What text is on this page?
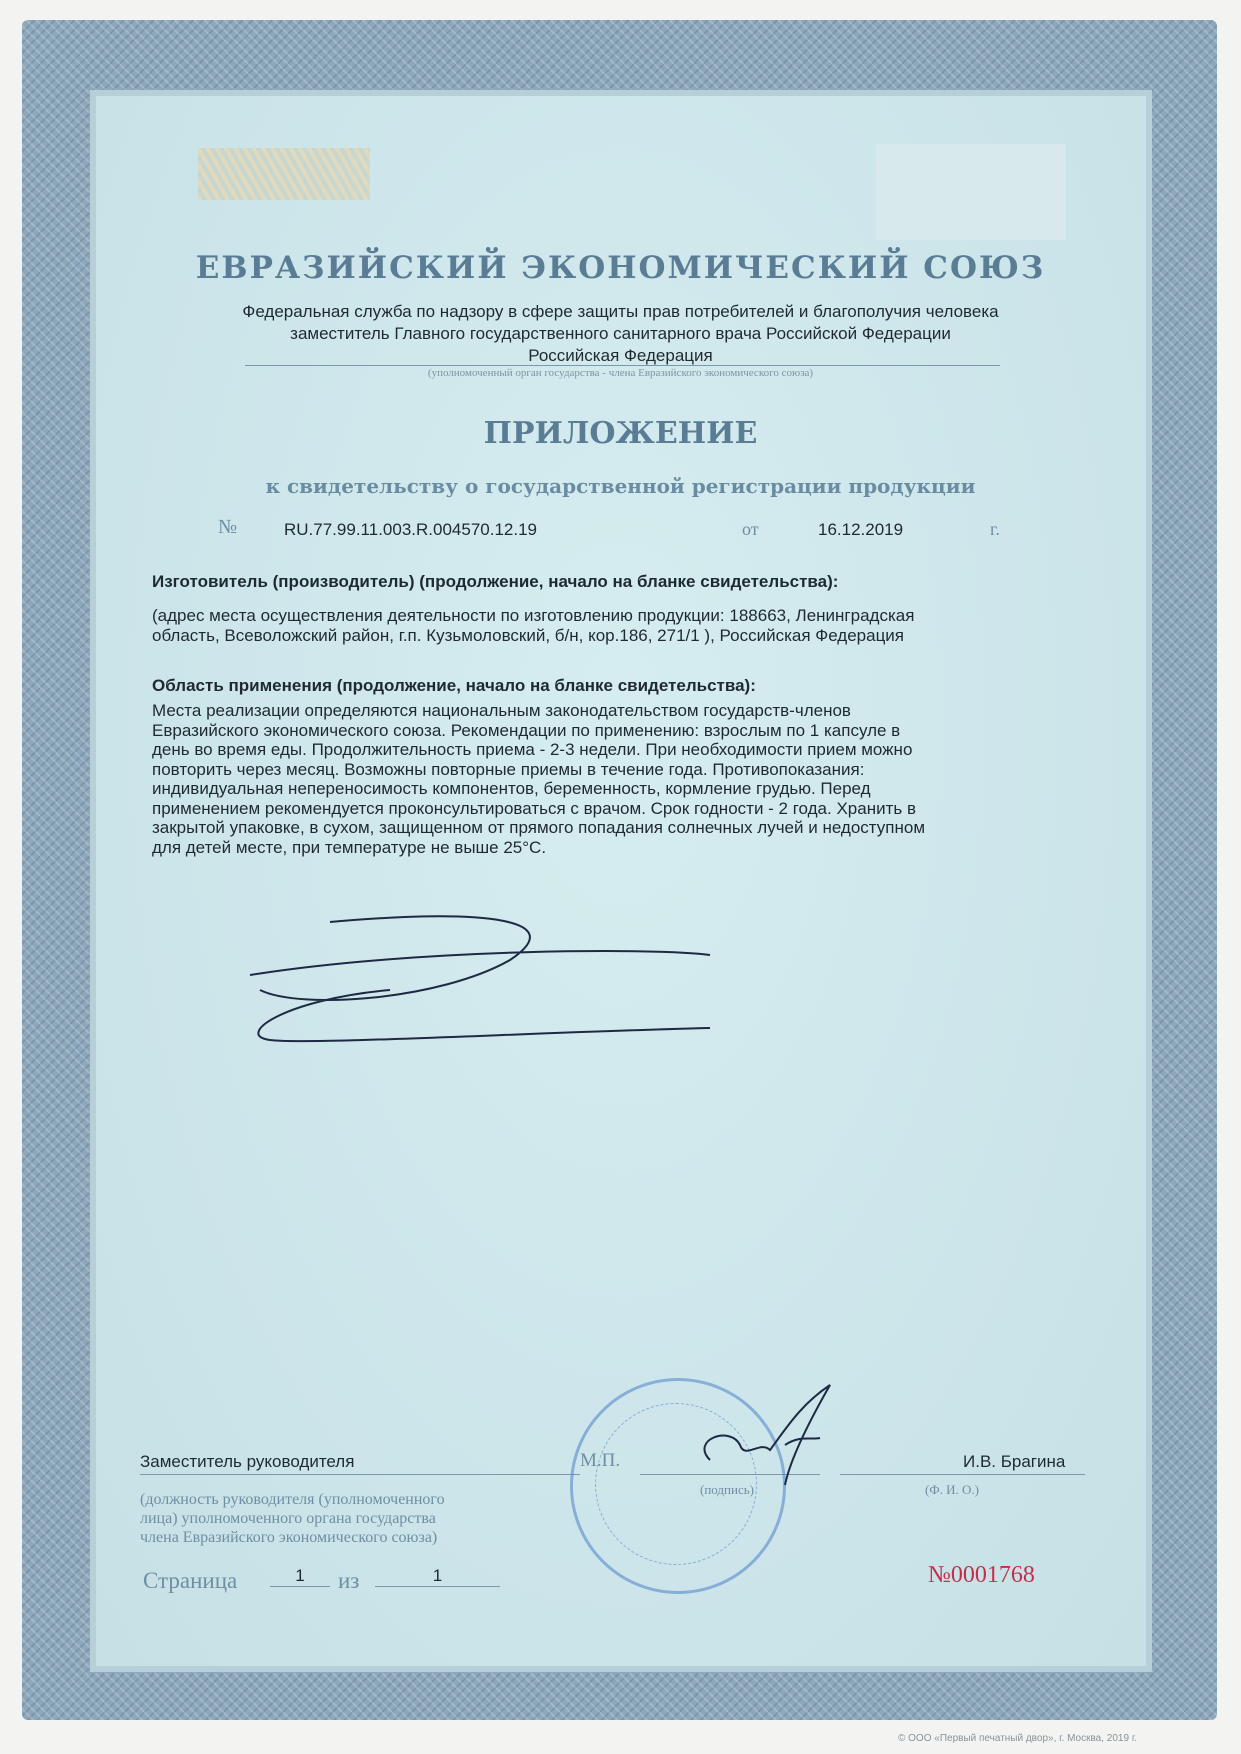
ЕВРАЗИЙСКИЙ ЭКОНОМИЧЕСКИЙ СОЮЗ
Федеральная служба по надзору в сфере защиты прав потребителей и благополучия человека
заместитель Главного государственного санитарного врача Российской Федерации
Российская Федерация
(уполномоченный орган государства - члена Евразийского экономического союза)
ПРИЛОЖЕНИЕ
к свидетельству о государственной регистрации продукции
№	RU.77.99.11.003.R.004570.12.19	от	16.12.2019	г.
Изготовитель (производитель) (продолжение, начало на бланке свидетельства):
(адрес места осуществления деятельности по изготовлению продукции: 188663, Ленинградская
область, Всеволожский район, г.п. Кузьмоловский, б/н, кор.186, 271/1 ), Российская Федерация
Область применения (продолжение, начало на бланке свидетельства):
Места реализации определяются национальным законодательством государств-членов
Евразийского экономического союза. Рекомендации по применению: взрослым по 1 капсуле в
день во время еды. Продолжительность приема - 2-3 недели. При необходимости прием можно
повторить через месяц. Возможны повторные приемы в течение года. Противопоказания:
индивидуальная непереносимость компонентов, беременность, кормление грудью. Перед
применением рекомендуется проконсультироваться с врачом. Срок годности - 2 года. Хранить в
закрытой упаковке, в сухом, защищенном от прямого попадания солнечных лучей и недоступном
для детей месте, при температуре не выше 25°C.
Заместитель руководителя	М.П.
(подпись)
И.В. Брагина
(Ф. И. О.)
(должность руководителя (уполномоченного
лица) уполномоченного органа государства
члена Евразийского экономического союза)
Страница	1	из	1	№0001768
© ООО «Первый печатный двор», г. Москва, 2019 г.
